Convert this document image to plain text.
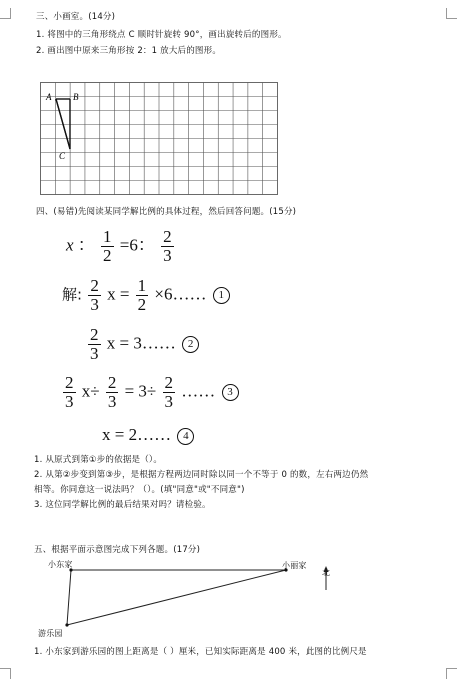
三、小画室。(14分)
1. 将图中的三角形绕点 C 顺时针旋转 90°，画出旋转后的图形。
2. 画出图中原来三角形按 2：1 放大后的图形。
A B
C
四、(易错)先阅读某同学解比例的具体过程，然后回答问题。(15分)
x ： $\frac{1}{2} =6$： $\frac{2}{3}$
解: $\frac{2}{3}$ $x = \frac{1}{2}$ ×6…… 1
$\frac{2}{3}$ x = 3…… 2
$\frac{2}{3} x\div \frac{2}{3} = 3\div \frac{2}{3}$ …… 3
x = 2…… 4
1. 从原式到第①步的依据是（）。
2. 从第②步变到第③步，是根据方程两边同时除以同一个不等于 0 的数，左右两边仍然
相等。你同意这一说法吗？（）。(填"同意"或"不同意")
3. 这位同学解比例的最后结果对吗？请检验。
五、根据平面示意图完成下列各题。(17分)
小东家	小丽家
游乐园
北
1. 小东家到游乐园的图上距离是（ ）厘米，已知实际距离是 400 米，此图的比例尺是
